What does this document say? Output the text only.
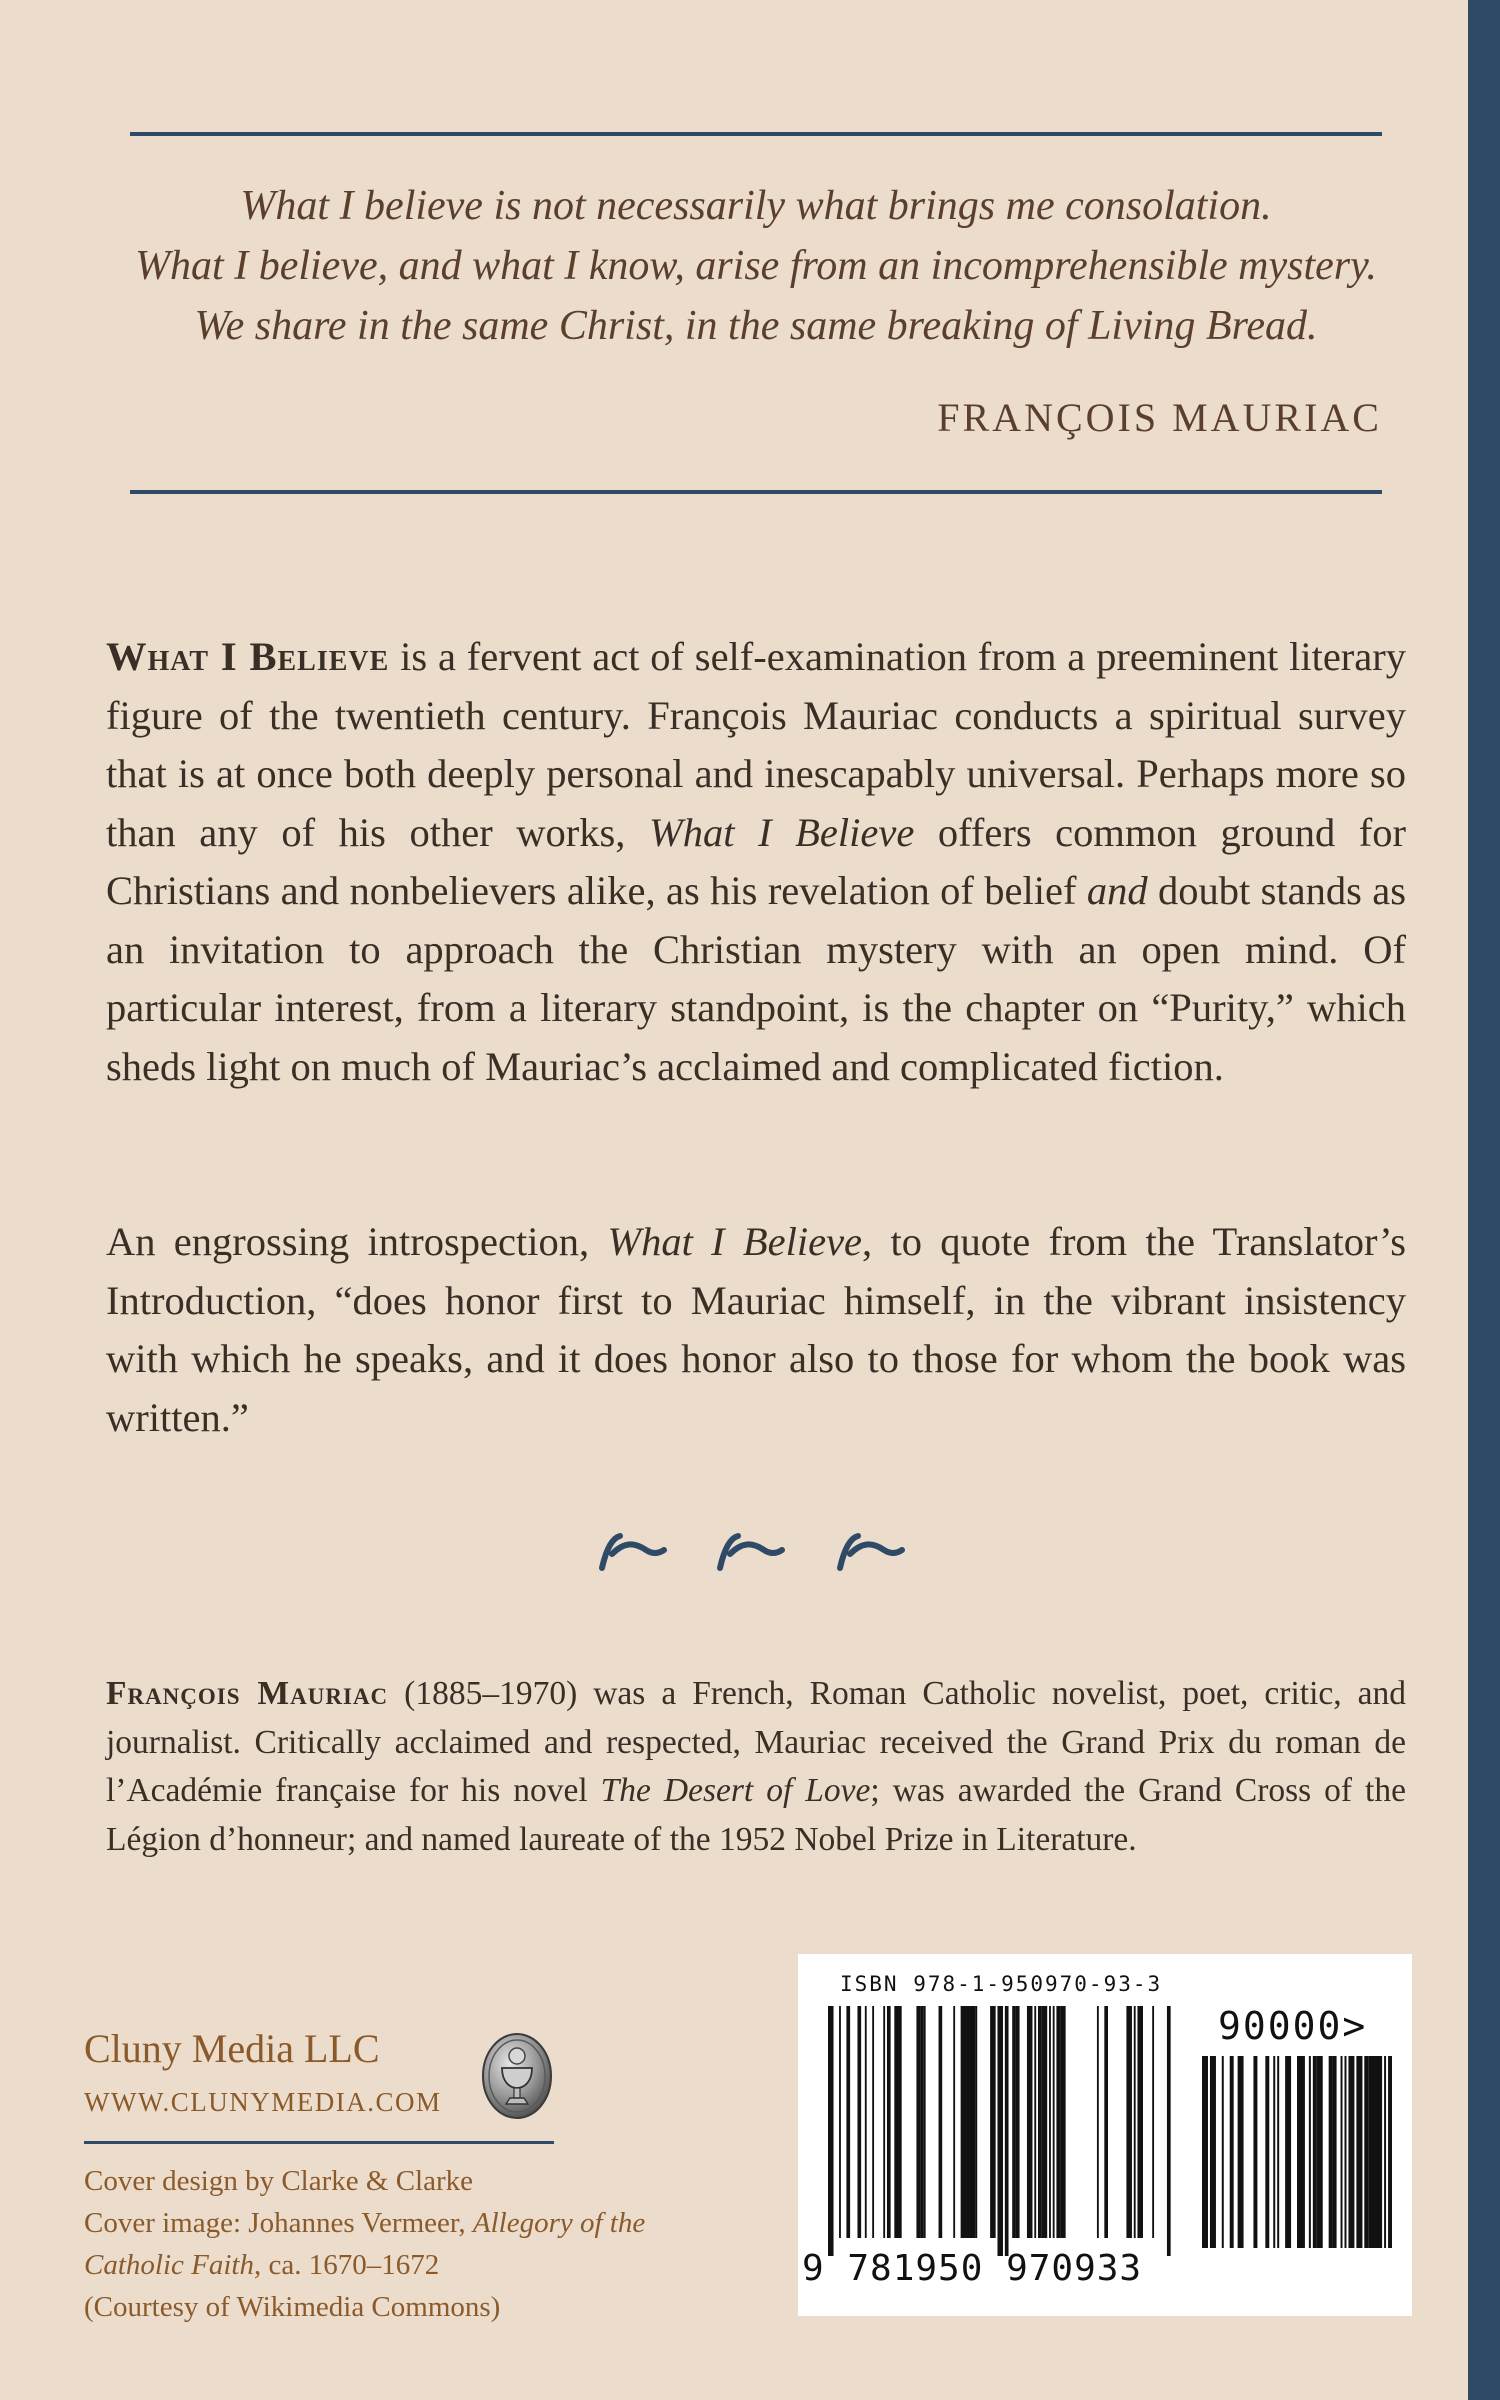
What I believe is not necessarily what brings me consolation.
What I believe, and what I know, arise from an incomprehensible mystery.
We share in the same Christ, in the same breaking of Living Bread.
FRANÇOIS MAURIAC
What I Believe is a fervent act of self-examination from a preeminent literary figure of the twentieth century. François Mauriac conducts a spiritual survey that is at once both deeply personal and inescapably universal. Perhaps more so than any of his other works, What I Believe offers common ground for Christians and nonbelievers alike, as his revelation of belief and doubt stands as an invitation to approach the Christian mystery with an open mind. Of particular interest, from a literary standpoint, is the chapter on “Purity,” which sheds light on much of Mauriac’s acclaimed and complicated fiction.
An engrossing introspection, What I Believe, to quote from the Translator’s Introduction, “does honor first to Mauriac himself, in the vibrant insistency with which he speaks, and it does honor also to those for whom the book was written.”
François Mauriac (1885–1970) was a French, Roman Catholic novelist, poet, critic, and journalist. Critically acclaimed and respected, Mauriac received the Grand Prix du roman de l’Académie française for his novel The Desert of Love; was awarded the Grand Cross of the Légion d’honneur; and named laureate of the 1952 Nobel Prize in Literature.
Cluny Media LLC
WWW.CLUNYMEDIA.COM
Cover design by Clarke & Clarke
Cover image: Johannes Vermeer, Allegory of the
Catholic Faith, ca. 1670–1672
(Courtesy of Wikimedia Commons)
ISBN 978-1-950970-93-3
90000>
9 781950 970933
